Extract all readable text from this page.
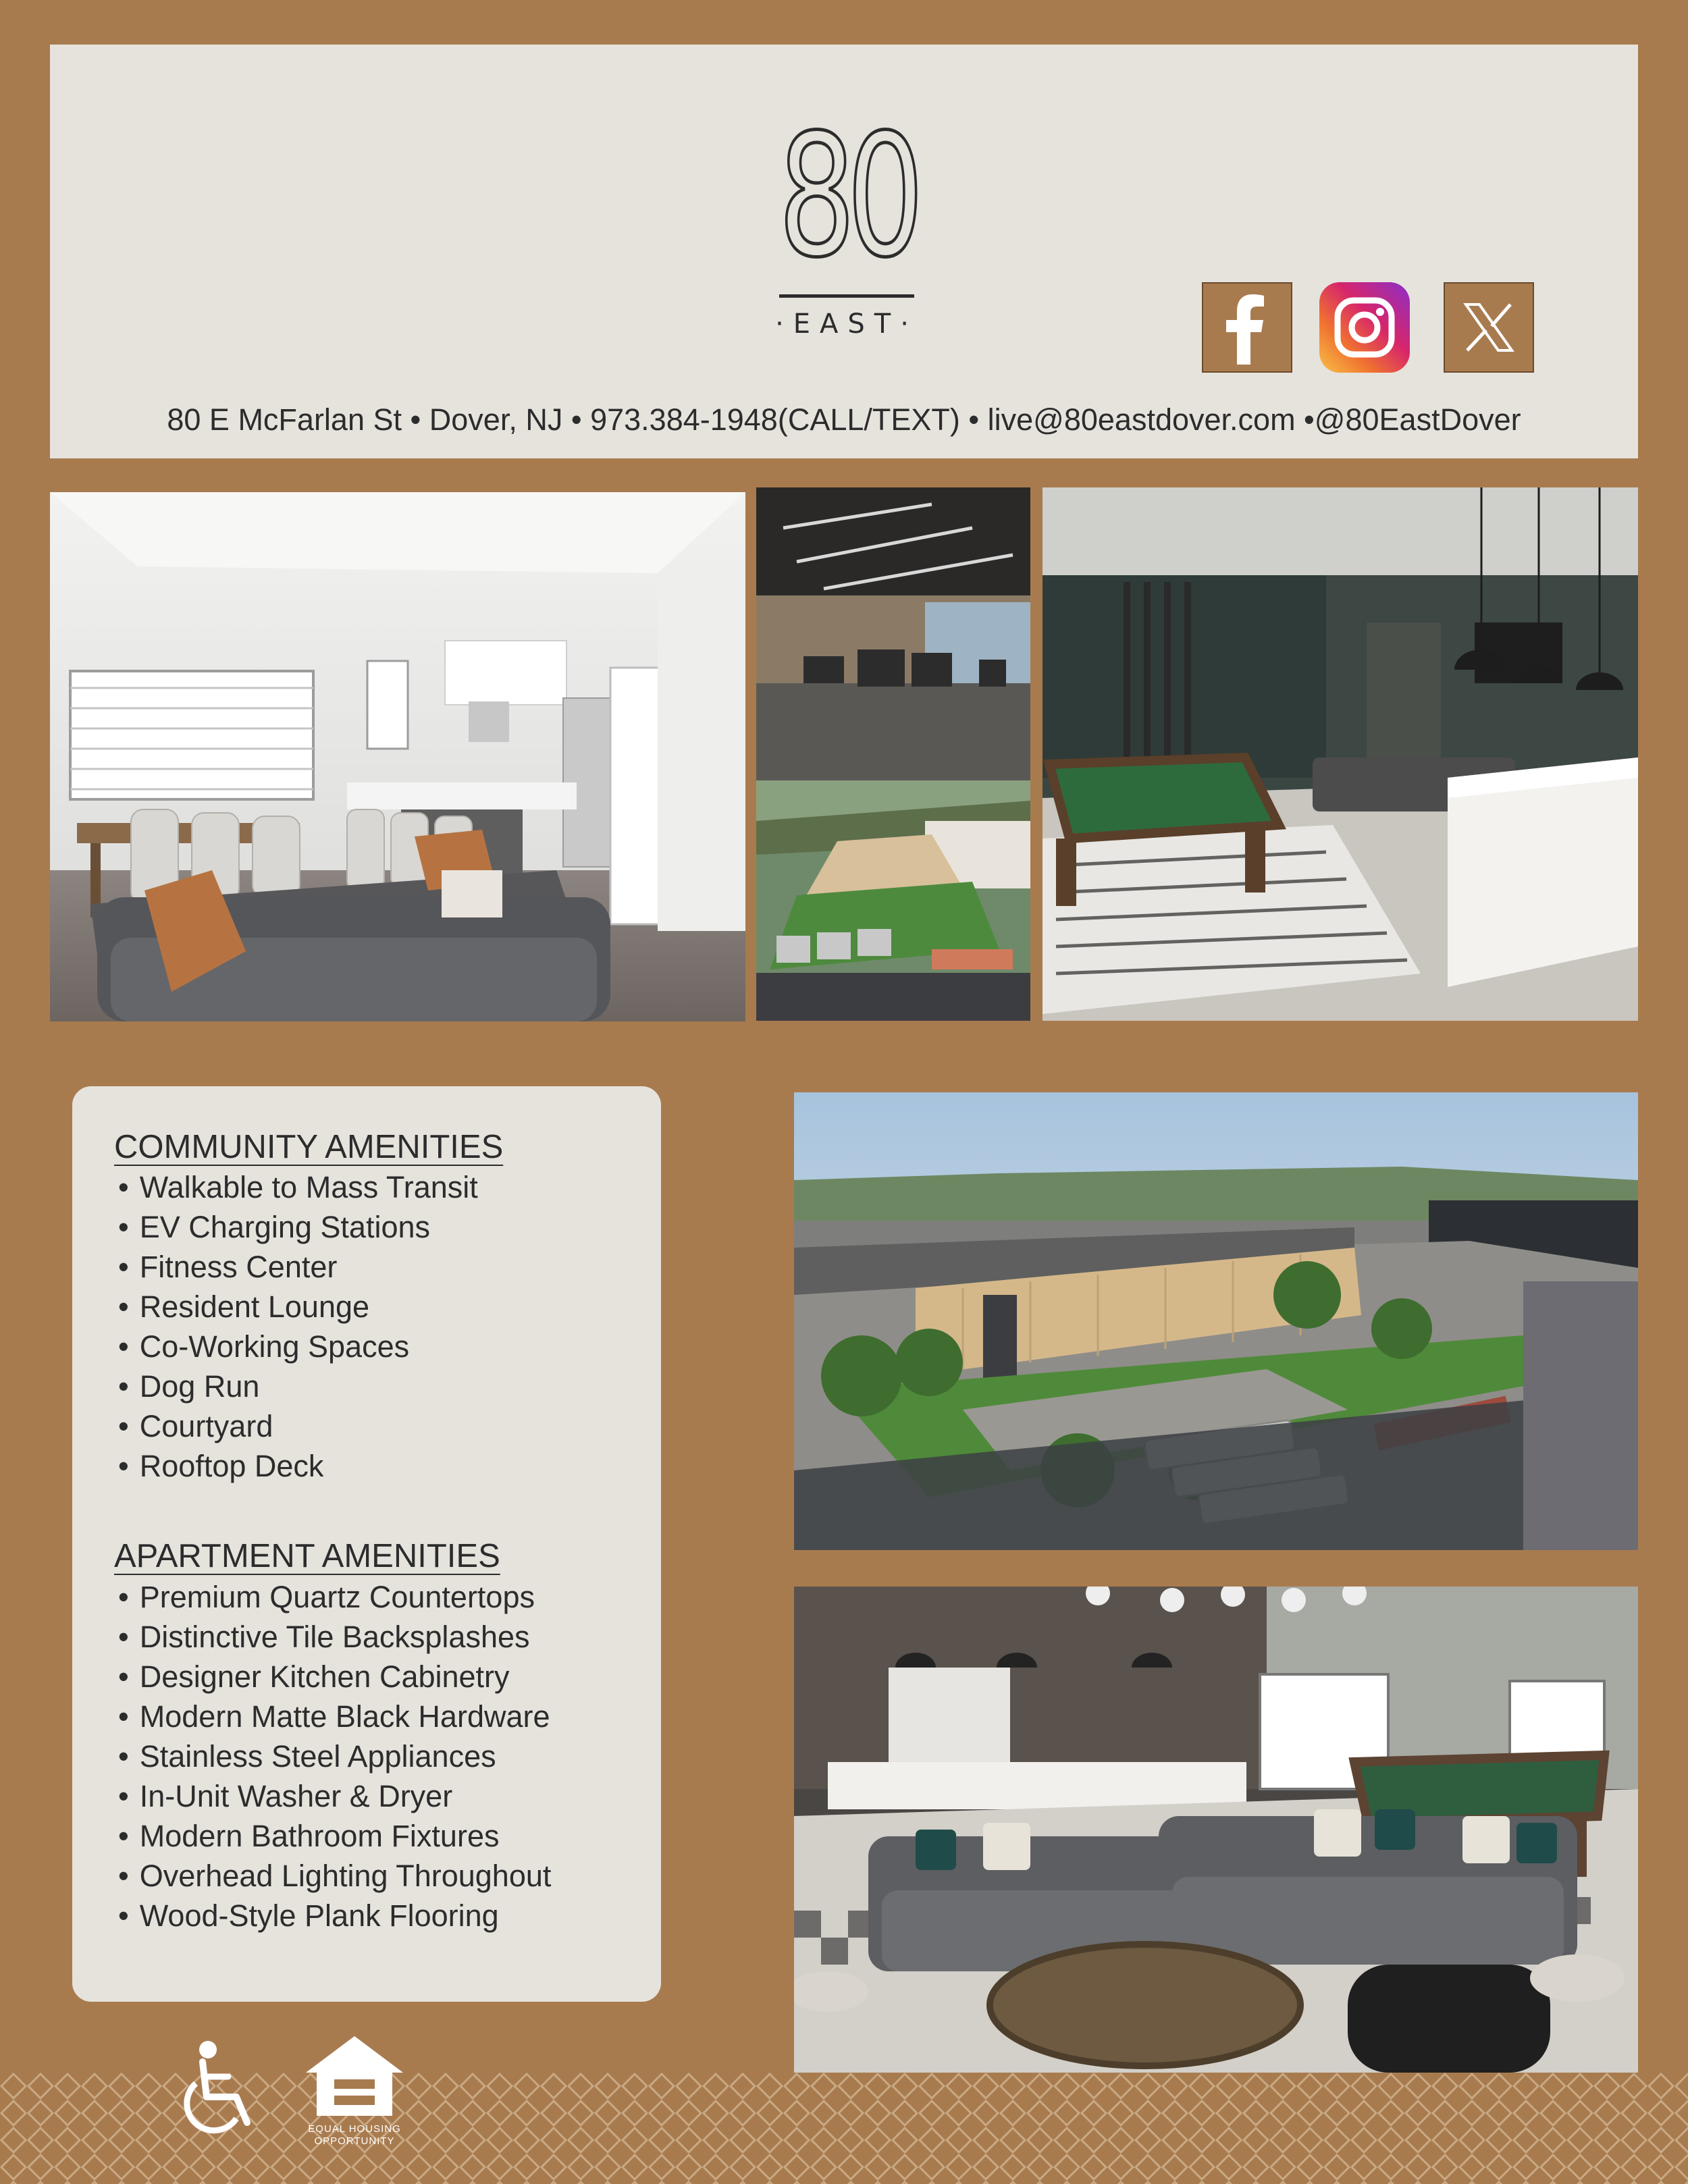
80
·EAST·
80 E McFarlan St • Dover, NJ • 973.384-1948(CALL/TEXT) • live@80eastdover.com •@80EastDover
COMMUNITY AMENITIES
• Walkable to Mass Transit
• EV Charging Stations
• Fitness Center
• Resident Lounge
• Co-Working Spaces
• Dog Run
• Courtyard
• Rooftop Deck
APARTMENT AMENITIES
• Premium Quartz Countertops
• Distinctive Tile Backsplashes
• Designer Kitchen Cabinetry
• Modern Matte Black Hardware
• Stainless Steel Appliances
• In-Unit Washer & Dryer
• Modern Bathroom Fixtures
• Overhead Lighting Throughout
• Wood-Style Plank Flooring
EQUAL HOUSING OPPORTUNITY
